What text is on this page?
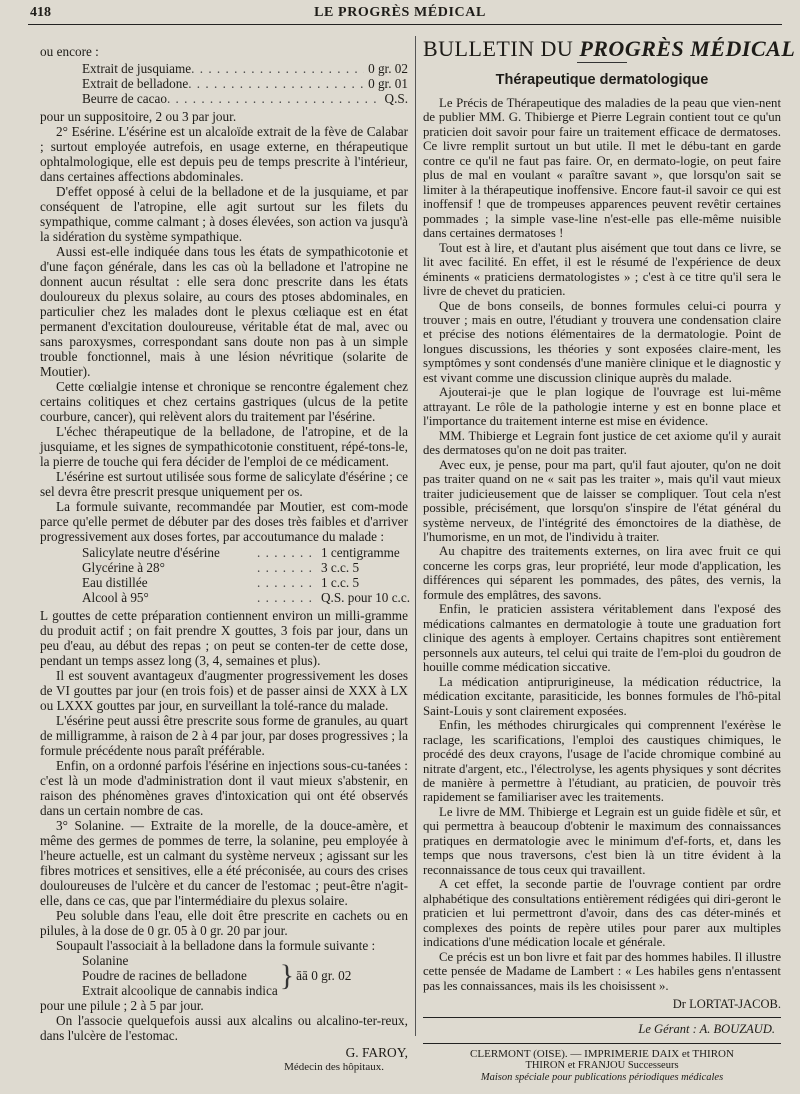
418	LE PROGRÈS MÉDICAL

ou encore :

Extrait de jusquiame . . .	0 gr. 02
Extrait de belladone . . .	0 gr. 01
Beurre de cacao . . .	Q.S.

pour un suppositoire, 2 ou 3 par jour.

2° Esérine. L'ésérine est un alcaloïde extrait de la fève de Calabar ; surtout employée autrefois, en usage externe, en thérapeutique ophtalmologique, elle est depuis peu de temps prescrite à l'intérieur, dans certaines affections abdominales.

D'effet opposé à celui de la belladone et de la jusquiame, et par conséquent de l'atropine, elle agit surtout sur les filets du sympathique, comme calmant ; à doses élevées, son action va jusqu'à la sidération du système sympathique.

Aussi est-elle indiquée dans tous les états de sympathicotonie et d'une façon générale, dans les cas où la belladone et l'atropine ne donnent aucun résultat : elle sera donc prescrite dans les états douloureux du plexus solaire, au cours des ptoses abdominales, en particulier chez les malades dont le plexus cœliaque est en état permanent d'excitation douloureuse, véritable état de mal, avec ou sans paroxysmes, correspondant sans doute non pas à un simple trouble fonctionnel, mais à une lésion névritique (solarite de Moutier).

Cette cœlialgie intense et chronique se rencontre également chez certains colitiques et chez certains gastriques (ulcus de la petite courbure, cancer), qui relèvent alors du traitement par l'ésérine.

L'échec thérapeutique de la belladone, de l'atropine, et de la jusquiame, et les signes de sympathicotonie constituent, répé-tons-le, la pierre de touche qui fera décider de l'emploi de ce médicament.

L'ésérine est surtout utilisée sous forme de salicylate d'ésérine ; ce sel devra être prescrit presque uniquement per os.

La formule suivante, recommandée par Moutier, est com-mode parce qu'elle permet de débuter par des doses très faibles et d'arriver progressivement aux doses fortes, par accoutumance du malade :

Salicylate neutre d'ésérine . . .	1 centigramme
Glycérine à 28° . . .	3 c.c. 5
Eau distillée . . .	1 c.c. 5
Alcool à 95° . . .	Q.S. pour 10 c.c.

L gouttes de cette préparation contiennent environ un milli-gramme du produit actif ; on fait prendre X gouttes, 3 fois par jour, dans un peu d'eau, au début des repas ; on peut se conten-ter de cette dose, pendant un temps assez long (3, 4, semaines et plus).

Il est souvent avantageux d'augmenter progressivement les doses de VI gouttes par jour (en trois fois) et de passer ainsi de XXX à LX ou LXXX gouttes par jour, en surveillant la tolé-rance du malade.

L'ésérine peut aussi être prescrite sous forme de granules, au quart de milligramme, à raison de 2 à 4 par jour, par doses progressives ; la formule précédente nous paraît préférable.

Enfin, on a ordonné parfois l'ésérine en injections sous-cu-tanées : c'est là un mode d'administration dont il vaut mieux s'abstenir, en raison des phénomènes graves d'intoxication qui ont été observés dans un certain nombre de cas.

3° Solanine. — Extraite de la morelle, de la douce-amère, et même des germes de pommes de terre, la solanine, peu employée à l'heure actuelle, est un calmant du système nerveux ; agissant sur les fibres motrices et sensitives, elle a été préconisée, au cours des crises douloureuses de l'ulcère et du cancer de l'estomac ; peut-être n'agit-elle, dans ce cas, que par l'intermédiaire du plexus solaire.

Peu soluble dans l'eau, elle doit être prescrite en cachets ou en pilules, à la dose de 0 gr. 05 à 0 gr. 20 par jour.

Soupault l'associait à la belladone dans la formule suivante :

Solanine
Poudre de racines de belladone
Extrait alcoolique de cannabis indica } āā 0 gr. 02

pour une pilule ; 2 à 5 par jour.

On l'associe quelquefois aussi aux alcalins ou alcalino-ter-reux, dans l'ulcère de l'estomac.

G. FAROY,
Médecin des hôpitaux.
BULLETIN DU PROGRÈS MÉDICAL
Thérapeutique dermatologique

Le Précis de Thérapeutique des maladies de la peau que vien-nent de publier MM. G. Thibierge et Pierre Legrain contient tout ce qu'un praticien doit savoir pour faire un traitement efficace de dermatoses. Ce livre remplit surtout un but utile. Il met le débu-tant en garde contre ce qu'il ne faut pas faire. Or, en dermato-logie, on peut faire plus de mal en voulant « paraître savant », que lorsqu'on sait se limiter à la thérapeutique inoffensive. Encore faut-il savoir ce qui est inoffensif ! que de trompeuses apparences peuvent revêtir certaines pommades ; la simple vase-line n'est-elle pas elle-même nuisible dans certaines dermatoses !

Tout est à lire, et d'autant plus aisément que tout dans ce livre, se lit avec facilité. En effet, il est le résumé de l'expérience de deux éminents « praticiens dermatologistes » ; c'est à ce titre qu'il sera le livre de chevet du praticien.

Que de bons conseils, de bonnes formules celui-ci pourra y trouver ; mais en outre, l'étudiant y trouvera une condensation claire et précise des notions élémentaires de la dermatologie. Point de longues discussions, les théories y sont exposées claire-ment, les symptômes y sont condensés d'une manière clinique et le diagnostic y est vivant comme une discussion clinique auprès du malade.

Ajouterai-je que le plan logique de l'ouvrage est lui-même attrayant. Le rôle de la pathologie interne y est en bonne place et l'importance du traitement interne est mise en évidence.

MM. Thibierge et Legrain font justice de cet axiome qu'il y aurait des dermatoses qu'on ne doit pas traiter.

Avec eux, je pense, pour ma part, qu'il faut ajouter, qu'on ne doit pas traiter quand on ne « sait pas les traiter », mais qu'il vaut mieux traiter judicieusement que de laisser se compliquer. Tout cela n'est possible, précisément, que lorsqu'on s'inspire de l'état général du système nerveux, de l'intégrité des émonctoires de la diathèse, de l'humorisme, en un mot, de l'individu à traiter.

Au chapitre des traitements externes, on lira avec fruit ce qui concerne les corps gras, leur propriété, leur mode d'application, les différences qui séparent les pommades, des pâtes, des vernis, la formule des emplâtres, des savons.

Enfin, le praticien assistera véritablement dans l'exposé des médications calmantes en dermatologie à toute une graduation fort clinique des agents à employer. Certains chapitres sont entièrement personnels aux auteurs, tel celui qui traite de l'em-ploi du goudron de houille comme médication siccative.

La médication antiprurigineuse, la médication réductrice, la médication excitante, parasiticide, les bonnes formules de l'hô-pital Saint-Louis y sont clairement exposées.

Enfin, les méthodes chirurgicales qui comprennent l'exérèse le raclage, les scarifications, l'emploi des caustiques chimiques, le procédé des deux crayons, l'usage de l'acide chromique combiné au nitrate d'argent, etc., l'électrolyse, les agents physiques y sont décrites de manière à permettre à l'étudiant, au praticien, de pouvoir très rapidement se familiariser avec les traitements.

Le livre de MM. Thibierge et Legrain est un guide fidèle et sûr, et qui permettra à beaucoup d'obtenir le maximum des connaissances pratiques en dermatologie avec le minimum d'ef-forts, et, dans les temps que nous traversons, c'est bien là un titre évident à la reconnaissance de tous ceux qui travaillent.

A cet effet, la seconde partie de l'ouvrage contient par ordre alphabétique des consultations entièrement rédigées qui diri-geront le praticien et lui permettront d'avoir, dans des cas déter-minés et complexes des points de repère utiles pour parer aux multiples indications d'une médication locale et générale.

Ce précis est un bon livre et fait par des hommes habiles. Il illustre cette pensée de Madame de Lambert : « Les habiles gens n'entassent pas les connaissances, mais ils les choisissent ».

Dr LORTAT-JACOB.
Le Gérant : A. BOUZAUD.
CLERMONT (OISE). — IMPRIMERIE DAIX et THIRON
THIRON et FRANJOU Successeurs
Maison spéciale pour publications périodiques médicales
